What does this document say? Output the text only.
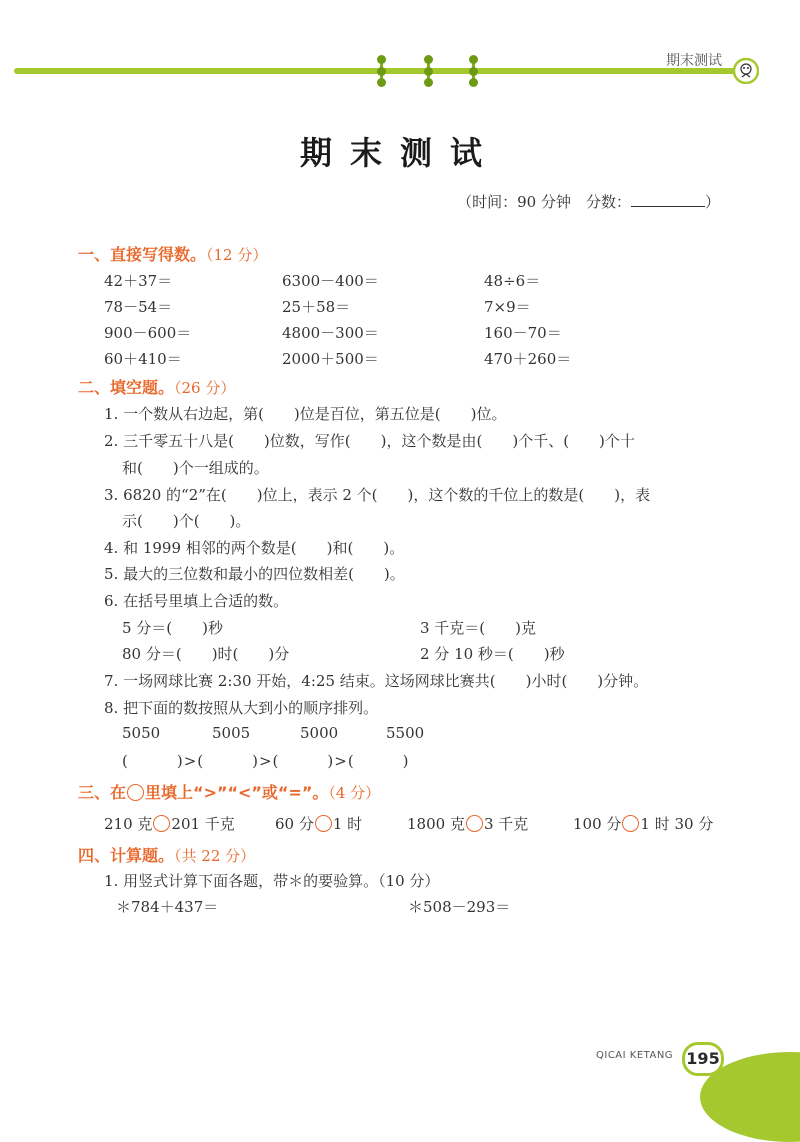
期末测试
期末测试
（时间：90 分钟　分数：	）
一、直接写得数。（12 分）
42＋37＝	6300－400＝	48÷6＝
78－54＝	25＋58＝	7×9＝
900－600＝	4800－300＝	160－70＝
60＋410＝	2000＋500＝	470＋260＝
二、填空题。（26 分）
1. 一个数从右边起，第(　　)位是百位，第五位是(　　)位。
2. 三千零五十八是(　　)位数，写作(　　)，这个数是由(　　)个千、(　　)个十
和(　　)个一组成的。
3. 6820 的“2”在(　　)位上，表示 2 个(　　)，这个数的千位上的数是(　　)，表
示(　　)个(　　)。
4. 和 1999 相邻的两个数是(　　)和(　　)。
5. 最大的三位数和最小的四位数相差(　　)。
6. 在括号里填上合适的数。
5 分＝(　　)秒	3 千克＝(　　)克
80 分＝(　　)时(　　)分	2 分 10 秒＝(　　)秒
7. 一场网球比赛 2:30 开始，4:25 结束。这场网球比赛共(　　)小时(　　)分钟。
8. 把下面的数按照从大到小的顺序排列。
5050	5005	5000	5500
(　　　)>(　　　)>(　　　)>(　　　)
三、在 里填上“>”“<”或“=”。（4 分）
210 克 201 千克	60 分 1 时	1800 克 3 千克	100 分 1 时 30 分
四、计算题。（共 22 分）
1. 用竖式计算下面各题，带＊的要验算。（10 分）
＊784＋437＝	＊508－293＝
QICAI KETANG 195
